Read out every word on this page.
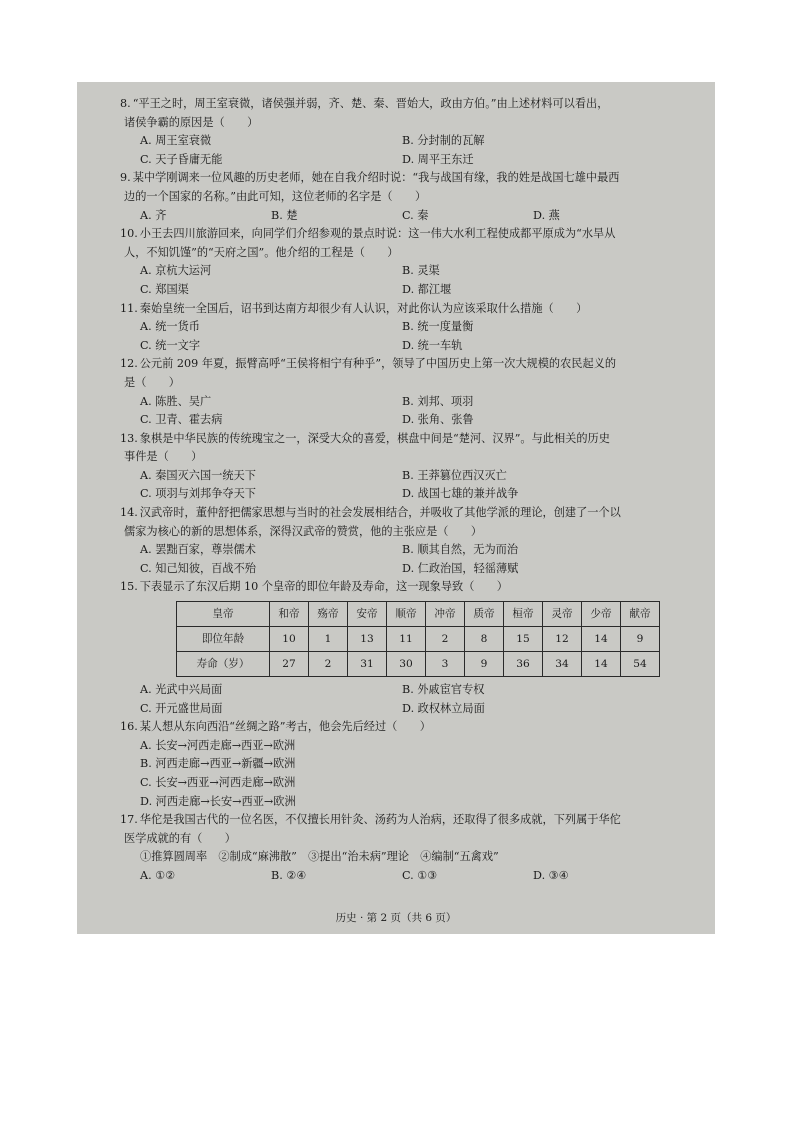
8. “平王之时，周王室衰微，诸侯强并弱，齐、楚、秦、晋始大，政由方伯。”由上述材料可以看出，
诸侯争霸的原因是（　　）
A. 周王室衰微	B. 分封制的瓦解
C. 天子昏庸无能	D. 周平王东迁
9. 某中学刚调来一位风趣的历史老师，她在自我介绍时说：“我与战国有缘，我的姓是战国七雄中最西
边的一个国家的名称。”由此可知，这位老师的名字是（　　）
A. 齐	B. 楚	C. 秦	D. 燕
10. 小王去四川旅游回来，向同学们介绍参观的景点时说：这一伟大水利工程使成都平原成为“水旱从
人，不知饥馑”的“天府之国”。他介绍的工程是（　　）
A. 京杭大运河	B. 灵渠
C. 郑国渠	D. 都江堰
11. 秦始皇统一全国后，诏书到达南方却很少有人认识，对此你认为应该采取什么措施（　　）
A. 统一货币	B. 统一度量衡
C. 统一文字	D. 统一车轨
12. 公元前 209 年夏，振臂高呼“王侯将相宁有种乎”，领导了中国历史上第一次大规模的农民起义的
是（　　）
A. 陈胜、吴广	B. 刘邦、项羽
C. 卫青、霍去病	D. 张角、张鲁
13. 象棋是中华民族的传统瑰宝之一，深受大众的喜爱，棋盘中间是“楚河、汉界”。与此相关的历史
事件是（　　）
A. 秦国灭六国一统天下	B. 王莽篡位西汉灭亡
C. 项羽与刘邦争夺天下	D. 战国七雄的兼并战争
14. 汉武帝时，董仲舒把儒家思想与当时的社会发展相结合，并吸收了其他学派的理论，创建了一个以
儒家为核心的新的思想体系，深得汉武帝的赞赏，他的主张应是（　　）
A. 罢黜百家，尊崇儒术	B. 顺其自然，无为而治
C. 知己知彼，百战不殆	D. 仁政治国，轻徭薄赋
15. 下表显示了东汉后期 10 个皇帝的即位年龄及寿命，这一现象导致（　　）
皇帝	和帝	殇帝	安帝	顺帝	冲帝	质帝	桓帝	灵帝	少帝	献帝
即位年龄	10	1	13	11	2	8	15	12	14	9
寿命（岁）	27	2	31	30	3	9	36	34	14	54
A. 光武中兴局面	B. 外戚宦官专权
C. 开元盛世局面	D. 政权林立局面
16. 某人想从东向西沿“丝绸之路”考古，他会先后经过（　　）
A. 长安→河西走廊→西亚→欧洲
B. 河西走廊→西亚→新疆→欧洲
C. 长安→西亚→河西走廊→欧洲
D. 河西走廊→长安→西亚→欧洲
17. 华佗是我国古代的一位名医，不仅擅长用针灸、汤药为人治病，还取得了很多成就，下列属于华佗
医学成就的有（　　）
①推算圆周率　②制成“麻沸散”　③提出“治未病”理论　④编制“五禽戏”
A. ①②	B. ②④	C. ①③	D. ③④
历史 · 第 2 页（共 6 页）
